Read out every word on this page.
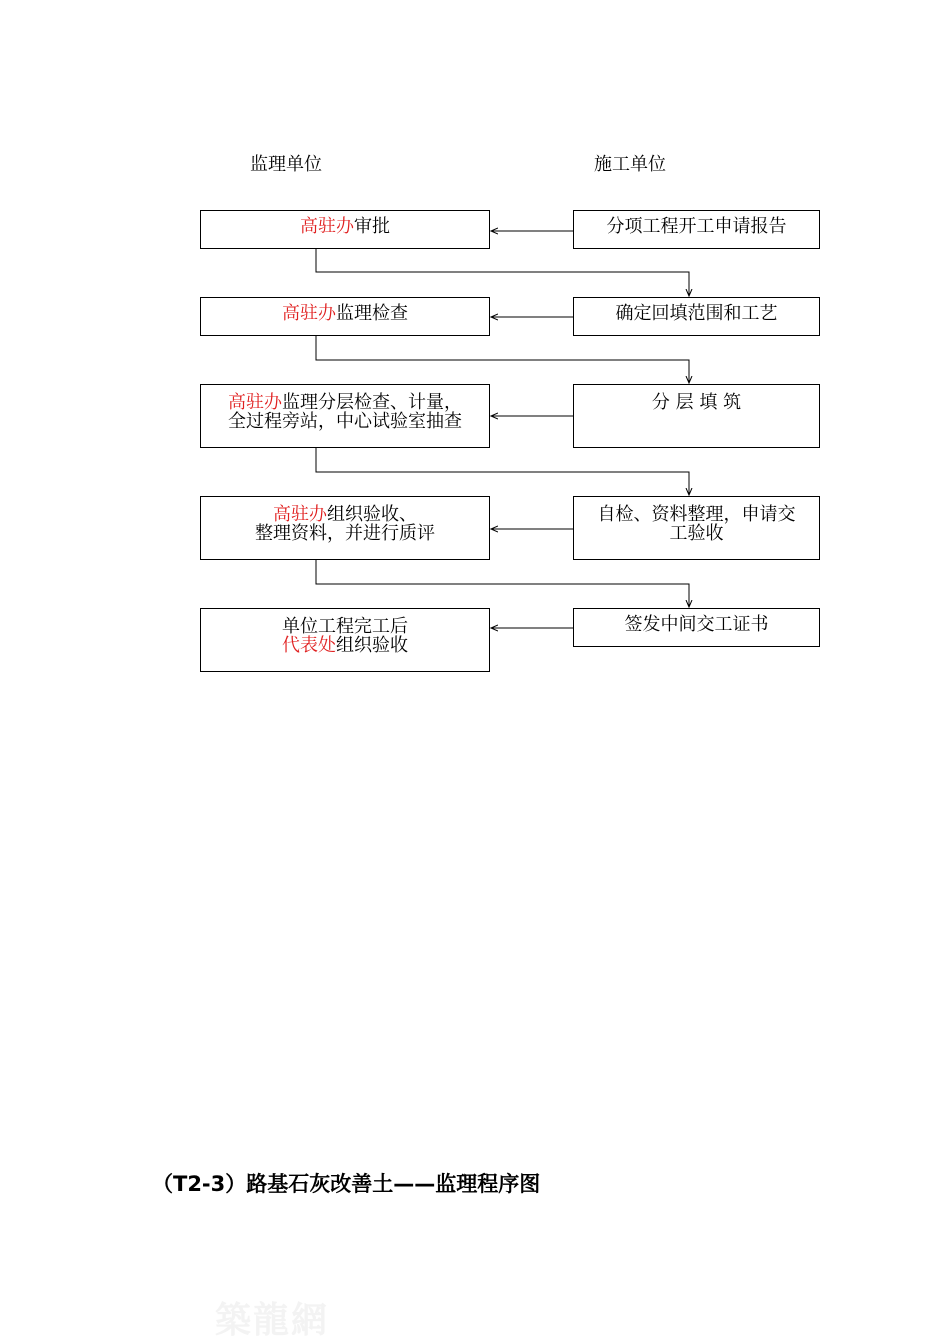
监理单位	施工单位
高驻办审批
高驻办监理检查
高驻办监理分层检查、计量，
全过程旁站，中心试验室抽查
高驻办组织验收、
整理资料，并进行质评
单位工程完工后
代表处组织验收
分项工程开工申请报告
确定回填范围和工艺
分 层 填 筑
自检、资料整理，申请交
工验收
签发中间交工证书
（T2-3）路基石灰改善土——监理程序图
築龍網
